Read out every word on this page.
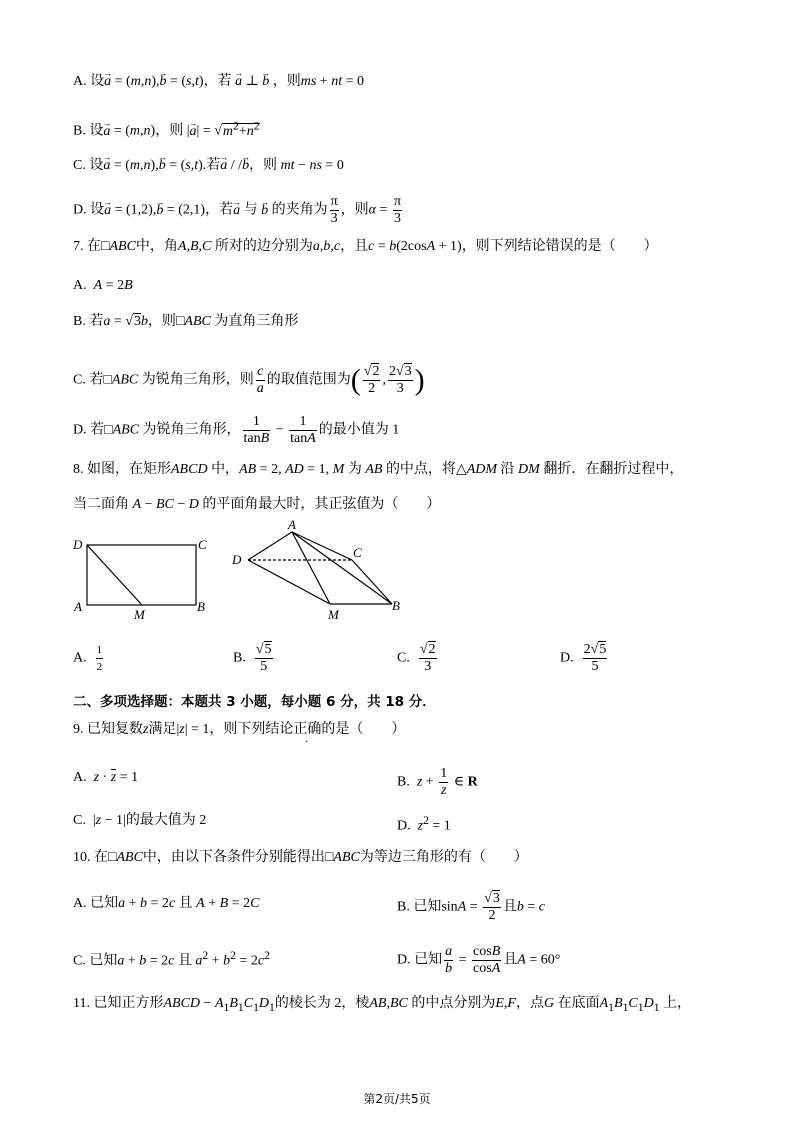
A. 设→ a = (m,n),→ b = (s,t)，若 → a ⊥ → b ，则ms + nt = 0
B. 设→ a = (m,n)，则 |→ $a| = √m^2+n^2$
C. 设→ a = (m,n),→ b = (s,t).若→ a / /→ b，则 mt − ns = 0
D. 设→ a = (1,2),→ b = (2,1)，若→ a 与 → b 的夹角为 $\frac{\pi}{3}$ ，则$\alpha = \frac{\pi}{3}$
7. 在□ABC中，角A,B,C 所对的边分别为a,b,c，且c = b(2cosA + 1)，则下列结论错误的是（　　）
A. A = 2B
B. 若a = √3b，则□ABC 为直角三角形
C. 若□ABC 为锐角三角形，则 $\frac{c}{a}$ 的取值范围为( $\frac{√2}{2}$ , $\frac{2√3}{3}$ )
D. 若□ABC 为锐角三角形， $\frac{1}{\tan B} - \frac{1}{\tan A}$ 的最小值为 1
8. 如图，在矩形ABCD 中，AB = 2, AD = 1, M 为 AB 的中点，将△ADM 沿 DM 翻折．在翻折过程中，
当二面角 A − BC − D 的平面角最大时，其正弦值为（　　）
D	C
A
M
B
A
D	C
M
B
A. $\frac{1}{2}$	B. $\frac{√5}{5}$	C. $\frac{√2}{3}$	D. $\frac{2√5}{5}$
二、多项选择题：本题共 3 小题，每小题 6 分，共 18 分．
9. 已知复数z满足|z| = 1，则下列结论正确的是（　　）
A. z · z = 1	B. $z + \frac{1}{z}$ ∈ R
C.  |z − 1|的最大值为 2	D. $z^2 = 1$
10. 在□ABC中，由以下各条件分别能得出□ABC为等边三角形的有（　　）
A. 已知a + b = 2c 且 A + B = 2C	B. 已知$\sin A = \frac{√3}{2}$ 且b = c
C. 已知a + b = 2c 且 $a^2 + b^2 = 2c^2$	D. 已知 $\frac{a}{b} = \frac{\cos B}{\cos A}$ 且A = 60°
11. 已知正方形ABCD − $A_1B_1C_1D_1$的棱长为 2，棱AB,BC 的中点分别为E,F，点G 在底面$A_1B_1C_1D_1$ 上，
第2页/共5页
